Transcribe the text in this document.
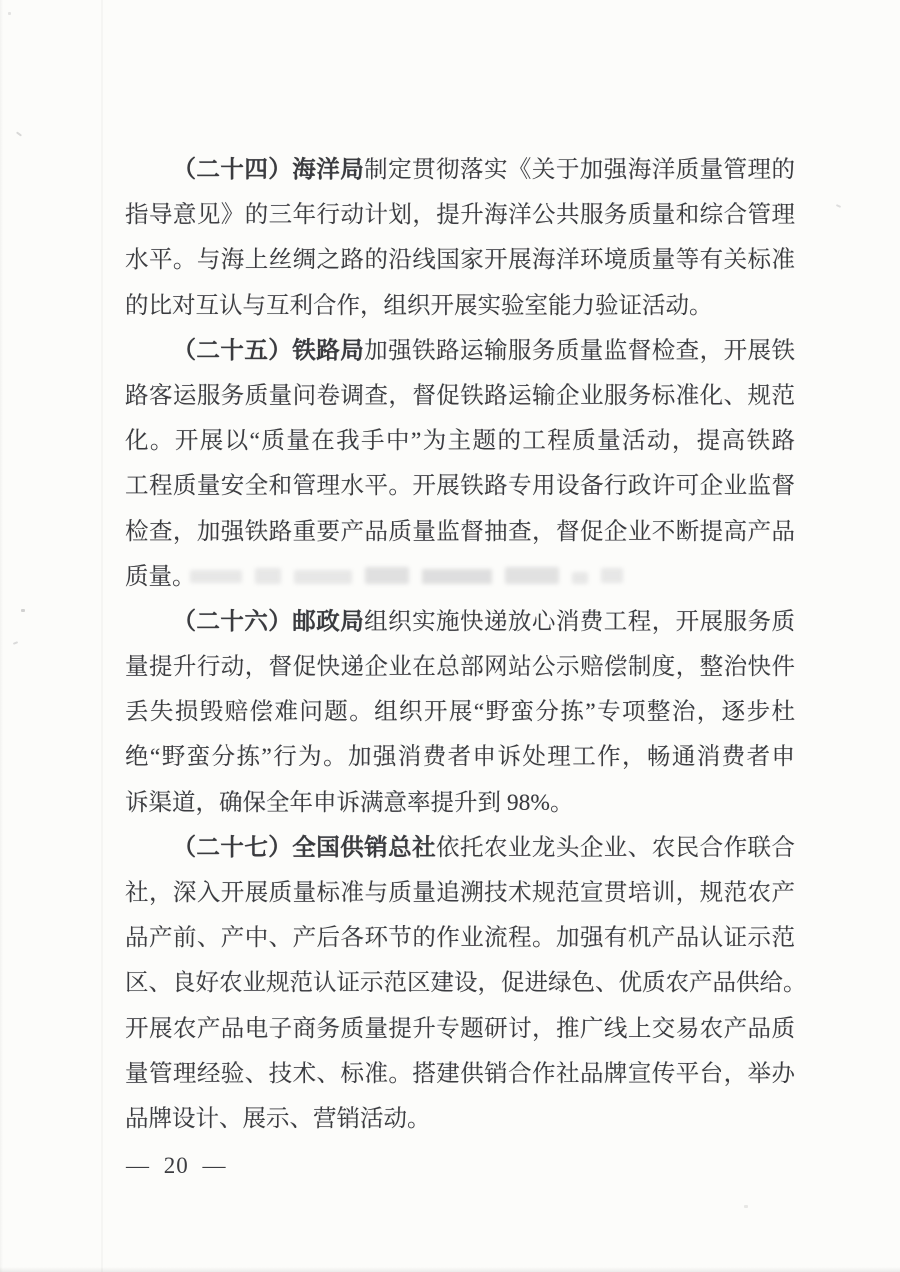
（二十四）海洋局制定贯彻落实《关于加强海洋质量管理的
指导意见》的三年行动计划，提升海洋公共服务质量和综合管理
水平。与海上丝绸之路的沿线国家开展海洋环境质量等有关标准
的比对互认与互利合作，组织开展实验室能力验证活动。
（二十五）铁路局加强铁路运输服务质量监督检查，开展铁
路客运服务质量问卷调查，督促铁路运输企业服务标准化、规范
化。开展以“质量在我手中”为主题的工程质量活动，提高铁路
工程质量安全和管理水平。开展铁路专用设备行政许可企业监督
检查，加强铁路重要产品质量监督抽查，督促企业不断提高产品
质量。
（二十六）邮政局组织实施快递放心消费工程，开展服务质
量提升行动，督促快递企业在总部网站公示赔偿制度，整治快件
丢失损毁赔偿难问题。组织开展“野蛮分拣”专项整治，逐步杜
绝“野蛮分拣”行为。加强消费者申诉处理工作，畅通消费者申
诉渠道，确保全年申诉满意率提升到 98%。
（二十七）全国供销总社依托农业龙头企业、农民合作联合
社，深入开展质量标准与质量追溯技术规范宣贯培训，规范农产
品产前、产中、产后各环节的作业流程。加强有机产品认证示范
区、良好农业规范认证示范区建设，促进绿色、优质农产品供给。
开展农产品电子商务质量提升专题研讨，推广线上交易农产品质
量管理经验、技术、标准。搭建供销合作社品牌宣传平台，举办
品牌设计、展示、营销活动。
— 20 —
